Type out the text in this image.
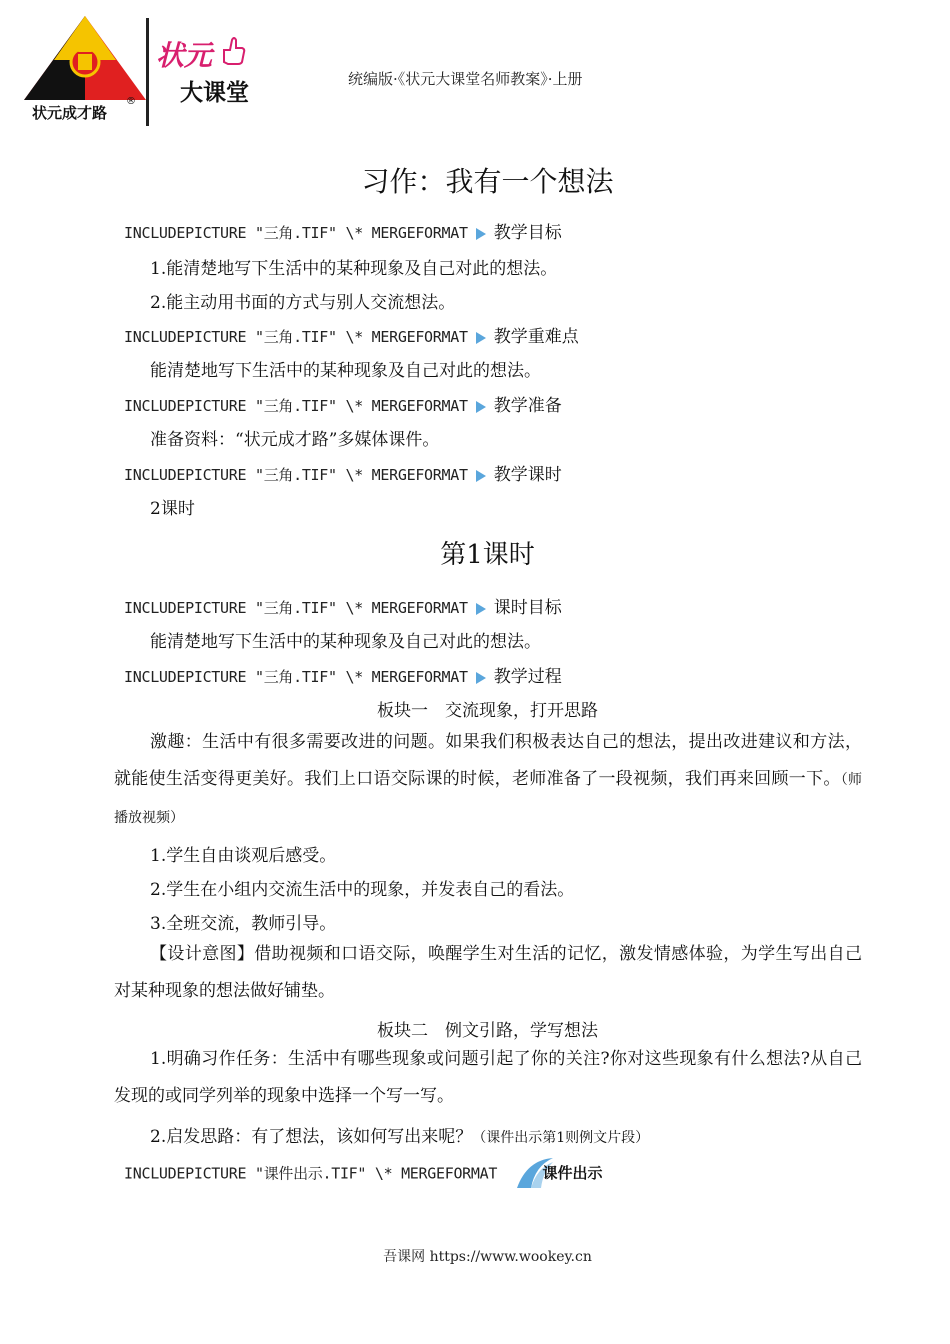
状元成才路
®
状元
大课堂
统编版·《状元大课堂名师教案》·上册
习作：我有一个想法
INCLUDEPICTURE "三角.TIF" \* MERGEFORMAT 教学目标
1.能清楚地写下生活中的某种现象及自己对此的想法。
2.能主动用书面的方式与别人交流想法。
INCLUDEPICTURE "三角.TIF" \* MERGEFORMAT 教学重难点
能清楚地写下生活中的某种现象及自己对此的想法。
INCLUDEPICTURE "三角.TIF" \* MERGEFORMAT 教学准备
准备资料：“状元成才路”多媒体课件。
INCLUDEPICTURE "三角.TIF" \* MERGEFORMAT 教学课时
2课时
第1课时
INCLUDEPICTURE "三角.TIF" \* MERGEFORMAT 课时目标
能清楚地写下生活中的某种现象及自己对此的想法。
INCLUDEPICTURE "三角.TIF" \* MERGEFORMAT 教学过程
板块一　交流现象，打开思路
激趣：生活中有很多需要改进的问题。如果我们积极表达自己的想法，提出改进建议和方法，就能使生活变得更美好。我们上口语交际课的时候，老师准备了一段视频，我们再来回顾一下。（师播放视频）
1.学生自由谈观后感受。
2.学生在小组内交流生活中的现象，并发表自己的看法。
3.全班交流，教师引导。
【设计意图】借助视频和口语交际，唤醒学生对生活的记忆，激发情感体验，为学生写出自己对某种现象的想法做好铺垫。
板块二　例文引路，学写想法
1.明确习作任务：生活中有哪些现象或问题引起了你的关注?你对这些现象有什么想法?从自己发现的或同学列举的现象中选择一个写一写。
2.启发思路：有了想法，该如何写出来呢？（课件出示第1则例文片段）
INCLUDEPICTURE "课件出示.TIF" \* MERGEFORMAT	课件出示
吾课网 https://www.wookey.cn
